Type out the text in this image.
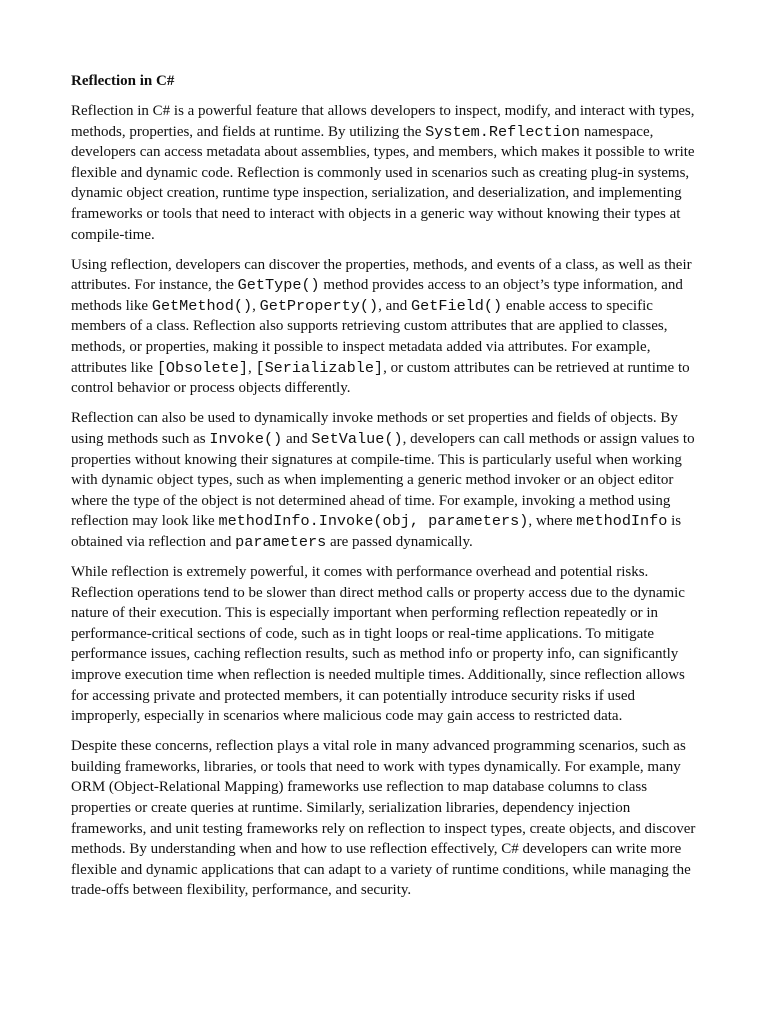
Reflection in C#

Reflection in C# is a powerful feature that allows developers to inspect, modify, and interact with types, methods, properties, and fields at runtime. By utilizing the System.Reflection namespace, developers can access metadata about assemblies, types, and members, which makes it possible to write flexible and dynamic code. Reflection is commonly used in scenarios such as creating plug-in systems, dynamic object creation, runtime type inspection, serialization, and deserialization, and implementing frameworks or tools that need to interact with objects in a generic way without knowing their types at compile-time.

Using reflection, developers can discover the properties, methods, and events of a class, as well as their attributes. For instance, the GetType() method provides access to an object’s type information, and methods like GetMethod(), GetProperty(), and GetField() enable access to specific members of a class. Reflection also supports retrieving custom attributes that are applied to classes, methods, or properties, making it possible to inspect metadata added via attributes. For example, attributes like [Obsolete], [Serializable], or custom attributes can be retrieved at runtime to control behavior or process objects differently.

Reflection can also be used to dynamically invoke methods or set properties and fields of objects. By using methods such as Invoke() and SetValue(), developers can call methods or assign values to properties without knowing their signatures at compile-time. This is particularly useful when working with dynamic object types, such as when implementing a generic method invoker or an object editor where the type of the object is not determined ahead of time. For example, invoking a method using reflection may look like methodInfo.Invoke(obj, parameters), where methodInfo is obtained via reflection and parameters are passed dynamically.

While reflection is extremely powerful, it comes with performance overhead and potential risks. Reflection operations tend to be slower than direct method calls or property access due to the dynamic nature of their execution. This is especially important when performing reflection repeatedly or in performance-critical sections of code, such as in tight loops or real-time applications. To mitigate performance issues, caching reflection results, such as method info or property info, can significantly improve execution time when reflection is needed multiple times. Additionally, since reflection allows for accessing private and protected members, it can potentially introduce security risks if used improperly, especially in scenarios where malicious code may gain access to restricted data.

Despite these concerns, reflection plays a vital role in many advanced programming scenarios, such as building frameworks, libraries, or tools that need to work with types dynamically. For example, many ORM (Object-Relational Mapping) frameworks use reflection to map database columns to class properties or create queries at runtime. Similarly, serialization libraries, dependency injection frameworks, and unit testing frameworks rely on reflection to inspect types, create objects, and discover methods. By understanding when and how to use reflection effectively, C# developers can write more flexible and dynamic applications that can adapt to a variety of runtime conditions, while managing the trade-offs between flexibility, performance, and security.
